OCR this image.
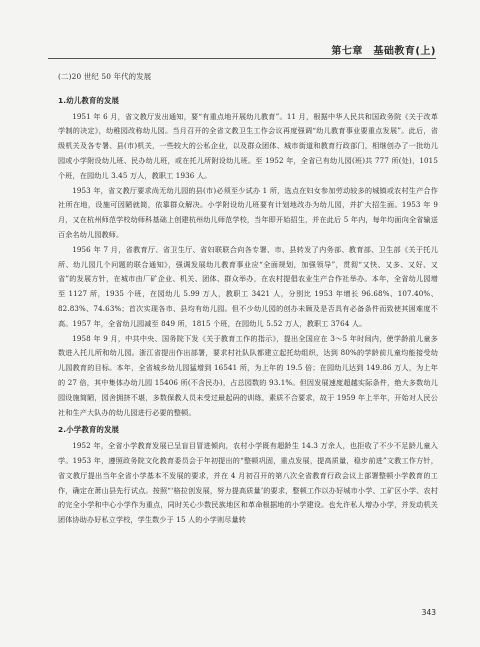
第七章　基础教育(上)

(二)20 世纪 50 年代的发展

1.幼儿教育的发展

1951 年 6 月，省文教厅发出通知，要“有重点地开展幼儿教育”。11 月，根据中华人民共和国政务院《关于改革学制的决定》，幼稚园改称幼儿园。当月召开的全省文教卫生工作会议再度强调“幼儿教育事业要重点发展”。此后，省级机关及各专署、县(市)机关，一些较大的公私企业，以及群众团体、城市街道和教育行政部门，相继创办了一批幼儿园或小学附设幼儿班、民办幼儿班，或在托儿所附设幼儿班。至 1952 年，全省已有幼儿园(班)共 777 所(处)，1015 个班，在园幼儿 3.45 万人，教职工 1936 人。

1953 年，省文教厅要求尚无幼儿园的县(市)必须至少试办 1 所，选点在妇女参加劳动较多的城镇或农村生产合作社所在地，设施可因陋就简，依靠群众解决。小学附设幼儿班要有计划地改办为幼儿园，并扩大招生面。1953 年 9 月，又在杭州师范学校幼师科基础上创建杭州幼儿师范学校，当年即开始招生，并在此后 5 年内，每年均面向全省输送百余名幼儿园教师。

1956 年 7 月，省教育厅、省卫生厅、省妇联联合向各专署、市、县转发了内务部、教育部、卫生部《关于托儿所、幼儿园几个问题的联合通知》，强调发展幼儿教育事业应“全面规划，加强领导”，贯彻“又快、又多、又好、又省”的发展方针，在城市由厂矿企业、机关、团体、群众举办，在农村提倡农业生产合作社举办。本年，全省幼儿园增至 1127 所，1935 个班，在园幼儿 5.99 万人，教职工 3421 人，分别比 1953 年增长 96.68%、107.40%、82.83%、74.63%；首次实现各市、县均有幼儿园。但不少幼儿园的创办未顾及是否具有必备条件而致使其困难度不高。1957 年，全省幼儿园减至 849 所，1815 个班，在园幼儿 5.52 万人，教职工 3764 人。

1958 年 9 月，中共中央、国务院下发《关于教育工作的指示》，提出全国应在 3～5 年时间内，使学龄前儿童多数进入托儿所和幼儿园。浙江省提出作出部署，要求村社队队都建立起托幼组织，达到 80%的学龄前儿童均能接受幼儿园教育的目标。本年，全省城乡幼儿园猛增到 16541 所，为上年的 19.5 倍；在园幼儿达到 149.86 万人，为上年的 27 倍，其中集体办幼儿园 15406 所(不含民办)，占总园数的 93.1%。但因发展速度超越实际条件，绝大多数幼儿园设施简陋，园舍拥挤不堪，多数保教人员未受过最起码的训练，素质不合要求，故于 1959 年上半年，开始对人民公社和生产大队办的幼儿园进行必要的整顿。

2.小学教育的发展

1952 年，全省小学教育发展已呈盲目冒进倾向，农村小学既有超龄生 14.3 万余人，也拒收了不少不足龄儿童入学。1953 年，遵照政务院文化教育委员会于年初提出的“整顿巩固，重点发展，提高质量，稳步前进”文教工作方针，省文教厅提出当年全省小学基本不发展的要求，并在 4 月初召开的第八次全省教育行政会议上部署整顿小学教育的工作，确定在萧山县先行试点。按照“‘格拉创发展，努力提高质量’的要求，整顿工作以办好城市小学、工矿区小学、农村的完全小学和中心小学作为重点，同时关心少数民族地区和革命根据地的小学建设。也允许私人增办小学，并发动机关团体协助办好私立学校，学生数少于 15 人的小学则尽量转

343
